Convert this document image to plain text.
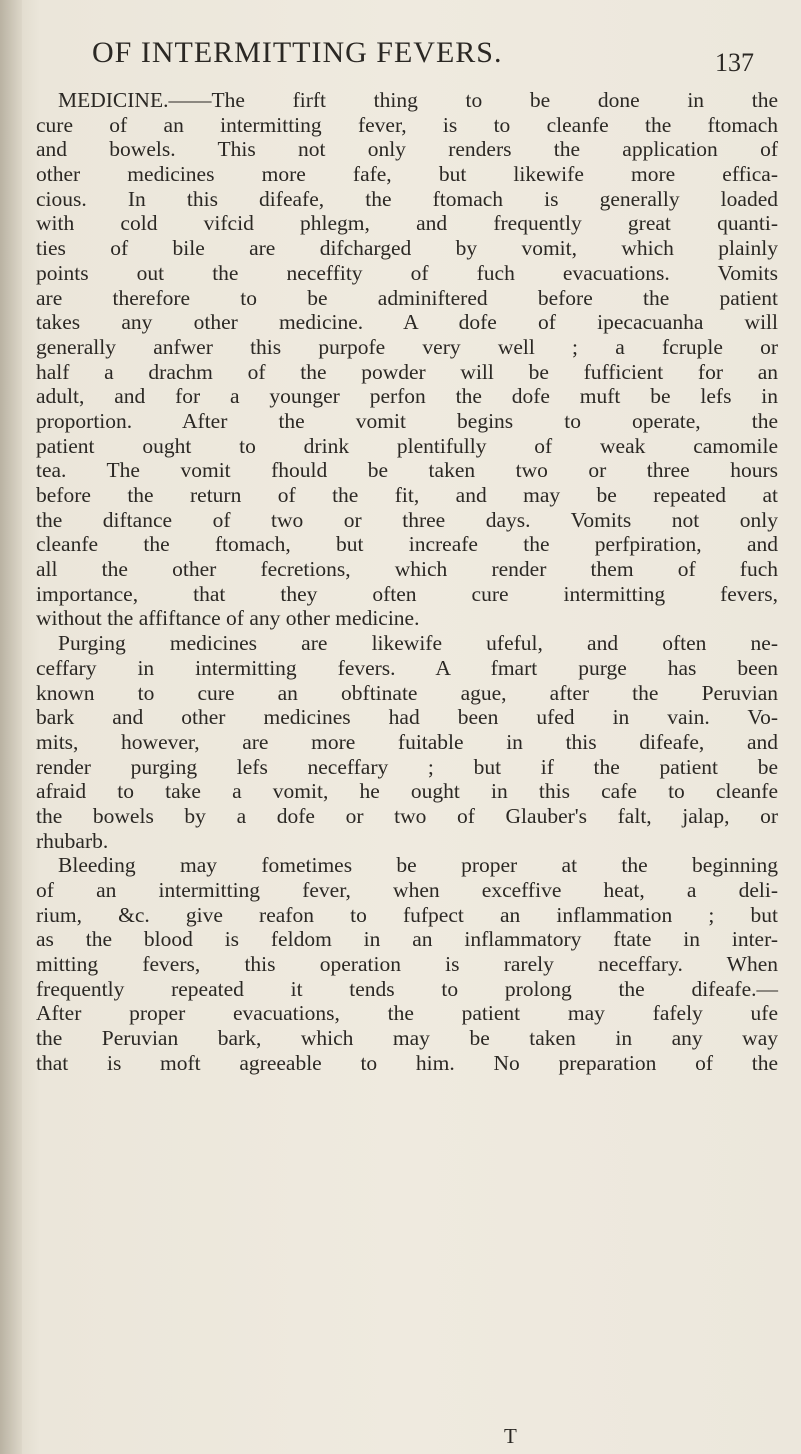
OF INTERMITTING FEVERS.	137
MEDICINE.——The firft thing to be done in the
cure of an intermitting fever, is to cleanfe the ftomach
and bowels. This not only renders the application of
other medicines more fafe, but likewife more effica-
cious. In this difeafe, the ftomach is generally loaded
with cold vifcid phlegm, and frequently great quanti-
ties of bile are difcharged by vomit, which plainly
points out the neceffity of fuch evacuations. Vomits
are therefore to be adminiftered before the patient
takes any other medicine. A dofe of ipecacuanha will
generally anfwer this purpofe very well ; a fcruple or
half a drachm of the powder will be fufficient for an
adult, and for a younger perfon the dofe muft be lefs in
proportion. After the vomit begins to operate, the
patient ought to drink plentifully of weak camomile
tea. The vomit fhould be taken two or three hours
before the return of the fit, and may be repeated at
the diftance of two or three days. Vomits not only
cleanfe the ftomach, but increafe the perfpiration, and
all the other fecretions, which render them of fuch
importance, that they often cure intermitting fevers,
without the affiftance of any other medicine.
Purging medicines are likewife ufeful, and often ne-
ceffary in intermitting fevers. A fmart purge has been
known to cure an obftinate ague, after the Peruvian
bark and other medicines had been ufed in vain. Vo-
mits, however, are more fuitable in this difeafe, and
render purging lefs neceffary ; but if the patient be
afraid to take a vomit, he ought in this cafe to cleanfe
the bowels by a dofe or two of Glauber's falt, jalap, or
rhubarb.
Bleeding may fometimes be proper at the beginning
of an intermitting fever, when exceffive heat, a deli-
rium, &c. give reafon to fufpect an inflammation ; but
as the blood is feldom in an inflammatory ftate in inter-
mitting fevers, this operation is rarely neceffary. When
frequently repeated it tends to prolong the difeafe.—
After proper evacuations, the patient may fafely ufe
the Peruvian bark, which may be taken in any way
that is moft agreeable to him. No preparation of the
T
